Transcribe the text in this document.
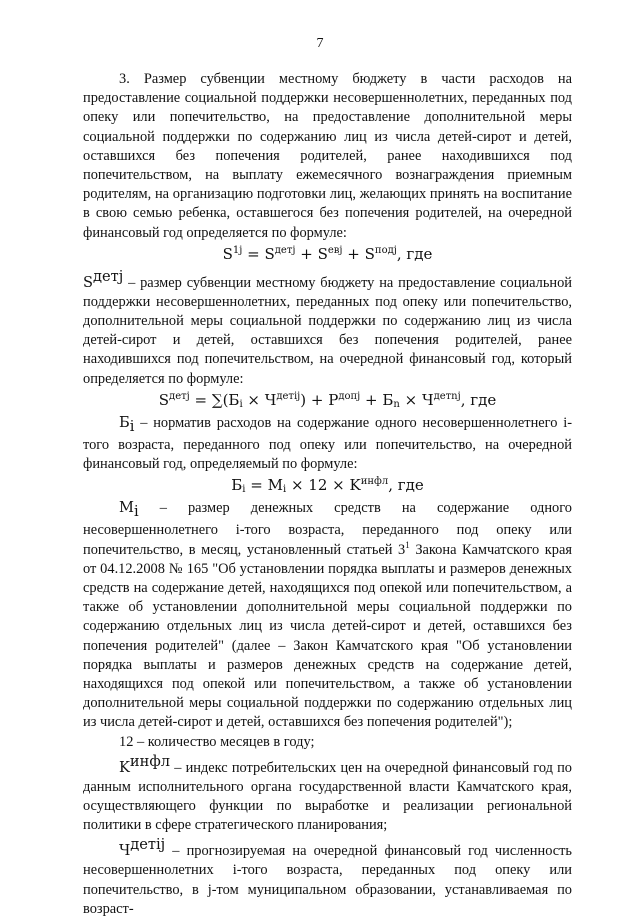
7

3. Размер субвенции местному бюджету в части расходов на предоставление социальной поддержки несовершеннолетних, переданных под опеку или попечительство, на предоставление дополнительной меры социальной поддержки по содержанию лиц из числа детей-сирот и детей, оставшихся без попечения родителей, ранее находившихся под попечительством, на выплату ежемесячного вознаграждения приемным родителям, на организацию подготовки лиц, желающих принять на воспитание в свою семью ребенка, оставшегося без попечения родителей, на очередной финансовый год определяется по формуле:

$S^{1j} = S^{детj} + S^{евj} + S^{подj}$, где

$S^{детj}$ – размер субвенции местному бюджету на предоставление социальной поддержки несовершеннолетних, переданных под опеку или попечительство, дополнительной меры социальной поддержки по содержанию лиц из числа детей-сирот и детей, оставшихся без попечения родителей, ранее находившихся под попечительством, на очередной финансовый год, который определяется по формуле:

$S^{детj} = \sum(Б_i \times Ч^{детij}) + P^{допj} + Б_n \times Ч^{детnj}$, где

$Б_i$ – норматив расходов на содержание одного несовершеннолетнего i-того возраста, переданного под опеку или попечительство, на очередной финансовый год, определяемый по формуле:

$Б_i = M_i \times 12 \times K^{инфл}$, где

$M_i$ – размер денежных средств на содержание одного несовершеннолетнего i-того возраста, переданного под опеку или попечительство, в месяц, установленный статьей $3^1$ Закона Камчатского края от 04.12.2008 № 165 "Об установлении порядка выплаты и размеров денежных средств на содержание детей, находящихся под опекой или попечительством, а также об установлении дополнительной меры социальной поддержки по содержанию отдельных лиц из числа детей-сирот и детей, оставшихся без попечения родителей" (далее – Закон Камчатского края "Об установлении порядка выплаты и размеров денежных средств на содержание детей, находящихся под опекой или попечительством, а также об установлении дополнительной меры социальной поддержки по содержанию отдельных лиц из числа детей-сирот и детей, оставшихся без попечения родителей");

12 – количество месяцев в году;

$K^{инфл}$ – индекс потребительских цен на очередной финансовый год по данным исполнительного органа государственной власти Камчатского края, осуществляющего функции по выработке и реализации региональной политики в сфере стратегического планирования;

$Ч^{детij}$ – прогнозируемая на очередной финансовый год численность несовершеннолетних i-того возраста, переданных под опеку или попечительство, в j-том муниципальном образовании, устанавливаемая по возраст-
